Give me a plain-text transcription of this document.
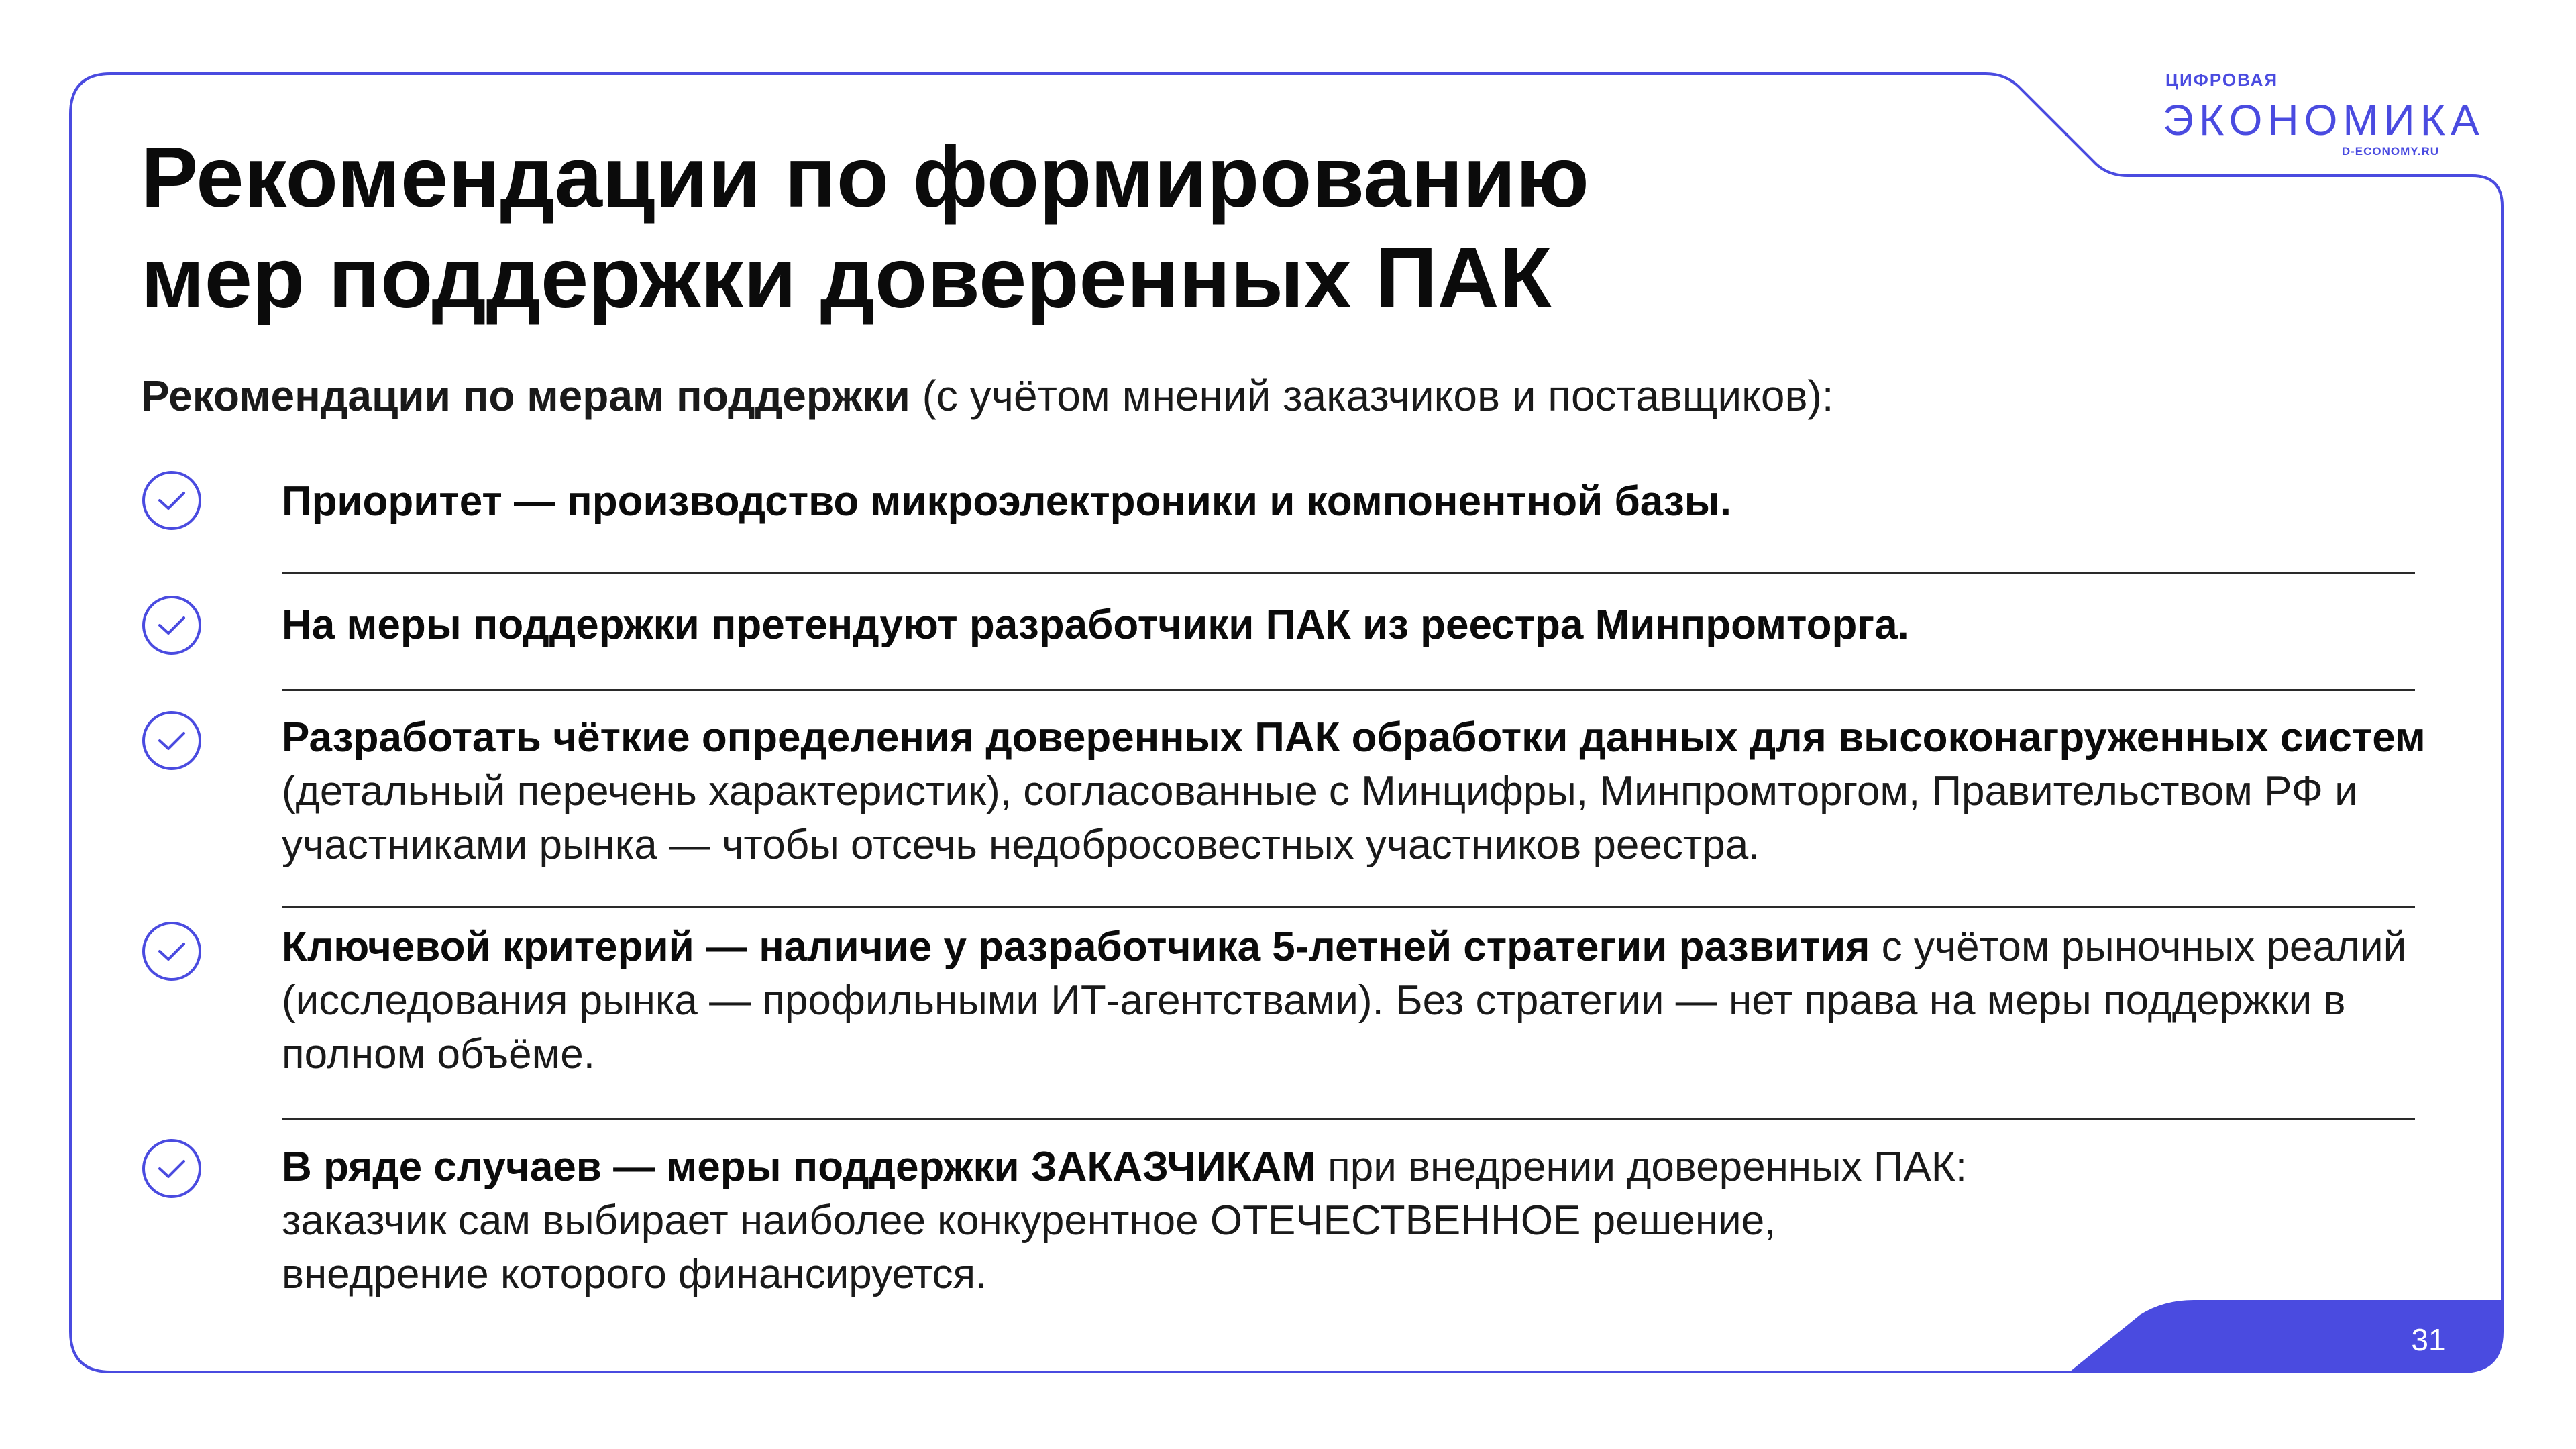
ЦИФРОВАЯ
ЭКОНОМИКА
D-ECONOMY.RU
Рекомендации по формированию
мер поддержки доверенных ПАК
Рекомендации по мерам поддержки (с учётом мнений заказчиков и поставщиков):
Приоритет — производство микроэлектроники и компонентной базы.
На меры поддержки претендуют разработчики ПАК из реестра Минпромторга.
Разработать чёткие определения доверенных ПАК обработки данных для высоконагруженных систем (детальный перечень характеристик), согласованные с Минцифры, Минпромторгом, Правительством РФ и участниками рынка — чтобы отсечь недобросовестных участников реестра.
Ключевой критерий — наличие у разработчика 5-летней стратегии развития с учётом рыночных реалий (исследования рынка — профильными ИТ-агентствами). Без стратегии — нет права на меры поддержки в полном объёме.
В ряде случаев — меры поддержки ЗАКАЗЧИКАМ при внедрении доверенных ПАК:
заказчик сам выбирает наиболее конкурентное ОТЕЧЕСТВЕННОЕ решение,
внедрение которого финансируется.
31
